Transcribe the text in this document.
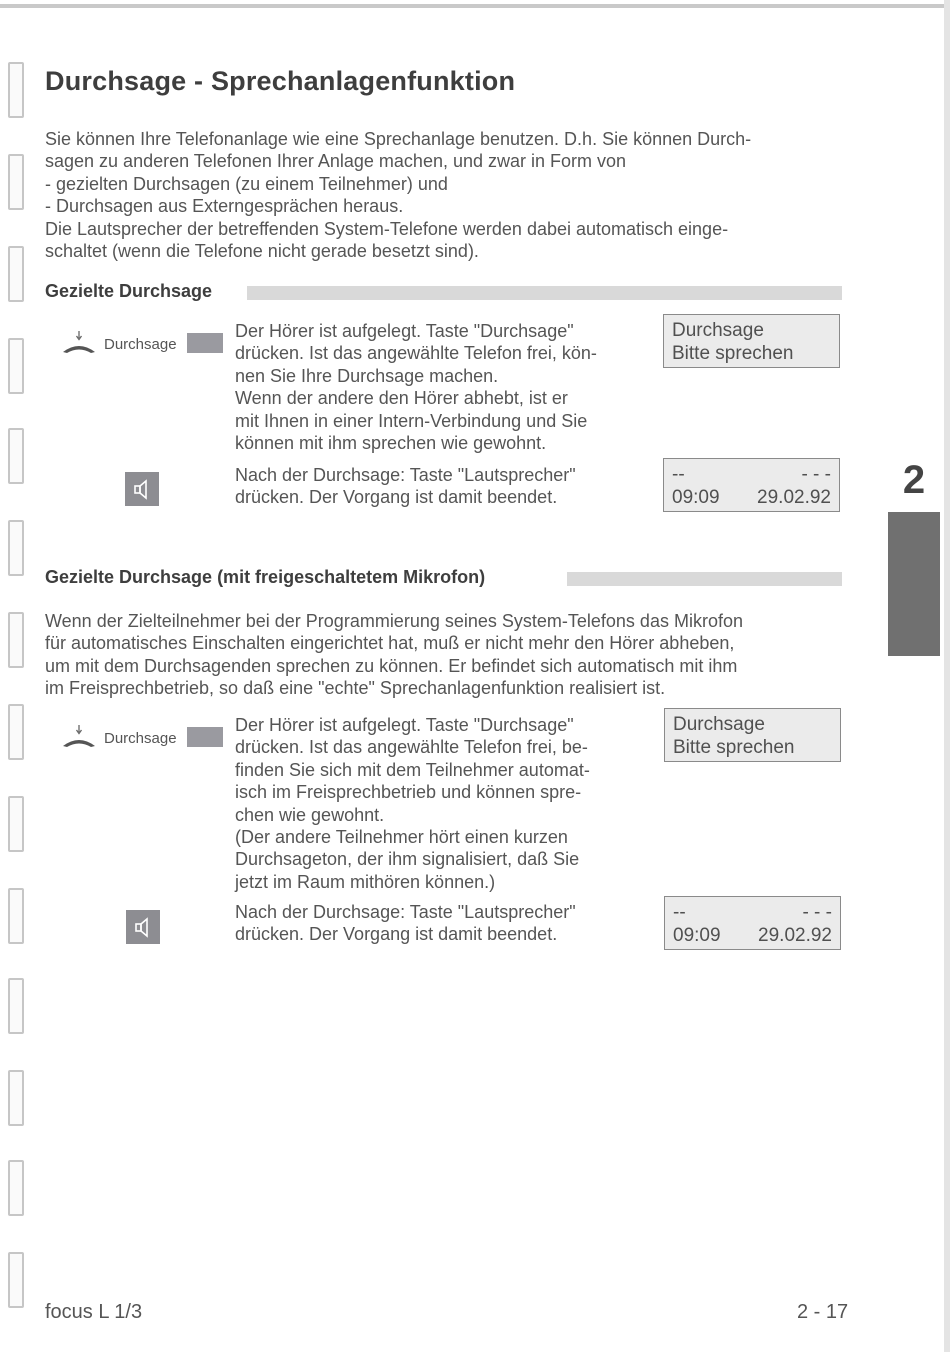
Durchsage - Sprechanlagenfunktion

Sie können Ihre Telefonanlage wie eine Sprechanlage benutzen. D.h. Sie können Durch-

sagen zu anderen Telefonen Ihrer Anlage machen, und zwar in Form von

- gezielten Durchsagen (zu einem Teilnehmer) und

- Durchsagen aus Externgesprächen heraus.

Die Lautsprecher der betreffenden System-Telefone werden dabei automatisch einge-

schaltet (wenn die Telefone nicht gerade besetzt sind).

Gezielte Durchsage
Durchsage

Der Hörer ist aufgelegt. Taste "Durchsage"

drücken. Ist das angewählte Telefon frei, kön-

nen Sie Ihre Durchsage machen.

Wenn der andere den Hörer abhebt, ist er

mit Ihnen in einer Intern-Verbindung und Sie

können mit ihm sprechen wie gewohnt.

Durchsage
Bitte sprechen

Nach der Durchsage: Taste "Lautsprecher"

drücken. Der Vorgang ist damit beendet.

--	- - -
09:09 29.02.92
Gezielte Durchsage (mit freigeschaltetem Mikrofon)

Wenn der Zielteilnehmer bei der Programmierung seines System-Telefons das Mikrofon

für automatisches Einschalten eingerichtet hat, muß er nicht mehr den Hörer abheben,

um mit dem Durchsagenden sprechen zu können. Er befindet sich automatisch mit ihm

im Freisprechbetrieb, so daß eine "echte" Sprechanlagenfunktion realisiert ist.

Durchsage

Der Hörer ist aufgelegt. Taste "Durchsage"

drücken. Ist das angewählte Telefon frei, be-

finden Sie sich mit dem Teilnehmer automat-

isch im Freisprechbetrieb und können spre-

chen wie gewohnt.

(Der andere Teilnehmer hört einen kurzen

Durchsageton, der ihm signalisiert, daß Sie

jetzt im Raum mithören können.)

Durchsage
Bitte sprechen

Nach der Durchsage: Taste "Lautsprecher"

drücken. Der Vorgang ist damit beendet.

--	- - -
09:09 29.02.92
2
focus L 1/3	2 - 17
